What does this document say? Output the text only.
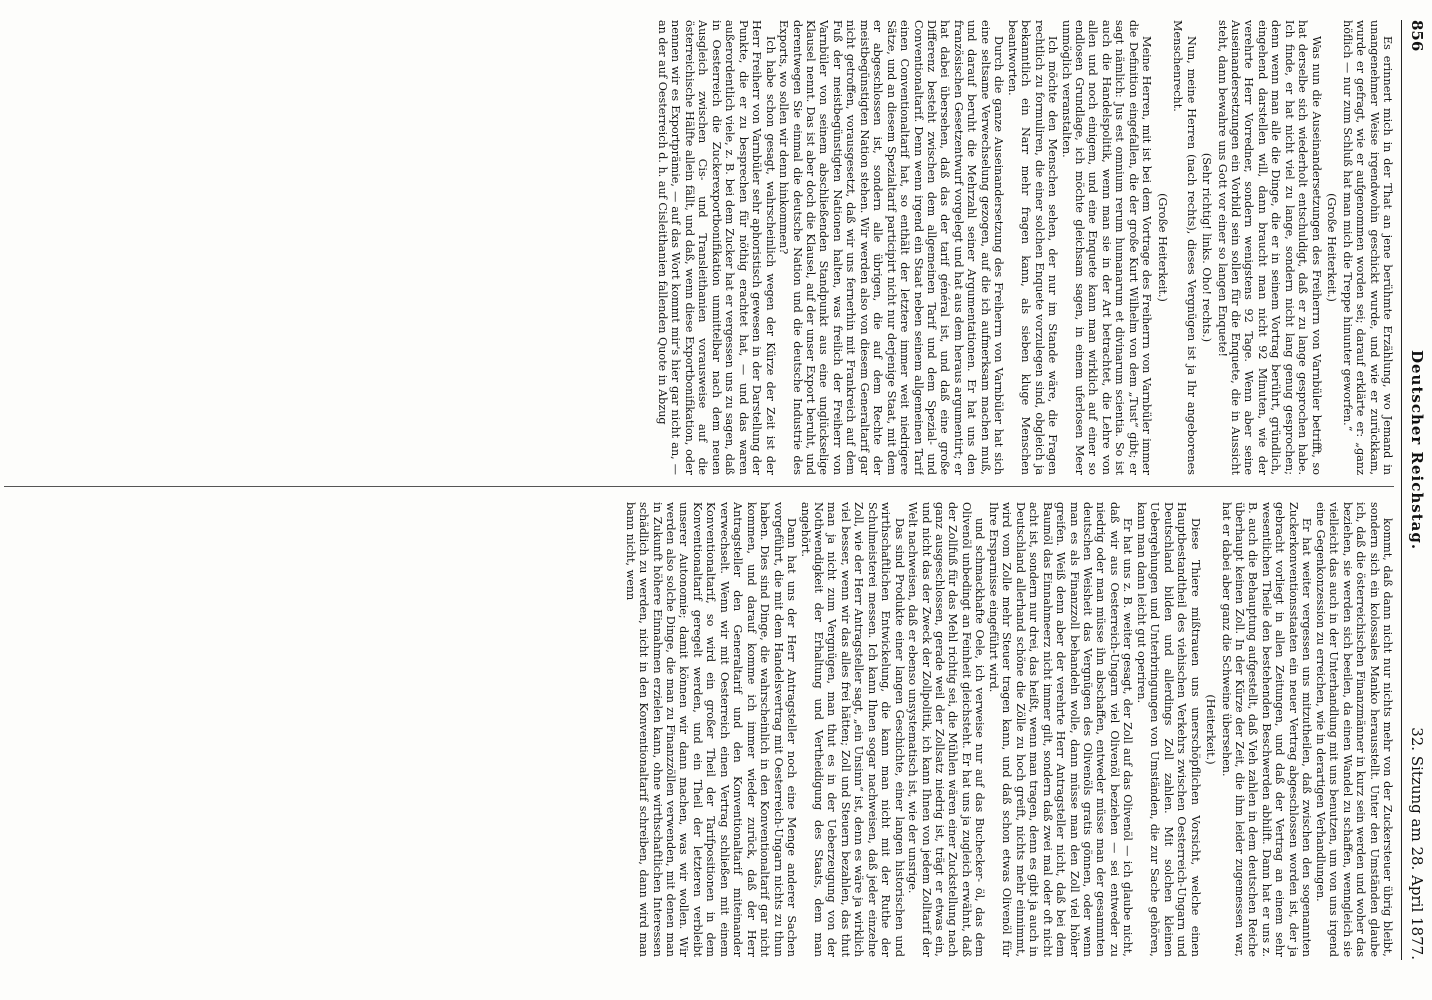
856
Deutscher Reichstag.
32. Sitzung am 28. April 1877.

Es erinnert mich in der That an jene berühmte Erzählung, wo Jemand in unangenehmer Weise irgendwohin geschickt wurde, und wie er zurückkam, wurde er gefragt, wie er aufgenommen worden sei; darauf erklärte er: „ganz höflich — nur zum Schluß hat man mich die Treppe hinunter geworfen.“

(Große Heiterkeit.)

Was nun die Auseinandersetzungen des Freiherrn von Varnbüler betrifft, so hat derselbe sich wiederholt entschuldigt, daß er zu lange gesprochen habe. Ich finde, er hat nicht viel zu lange, sondern nicht lang genug gesprochen; denn wenn man alle die Dinge, die er in seinem Vortrag berührt, gründlich, eingehend darstellen will, dann braucht man nicht 92 Minuten, wie der verehrte Herr Vorredner, sondern wenigstens 92 Tage. Wenn aber seine Auseinandersetzungen ein Vorbild sein sollen für die Enquete, die in Aussicht steht, dann bewahre uns Gott vor einer so langen Enquete!

(Sehr richtig! links. Oho! rechts.)

Nun, meine Herren (nach rechts), dieses Vergnügen ist ja Ihr angeborenes Menschenrecht.

(Große Heiterkeit.)

Meine Herren, mit ist bei dem Vortrage des Freiherrn von Varnbüler immer die Definition eingefallen, die der große Kurt Wilhelm von dem „Tust“ gibt; er sagt nämlich: Jus est omnium rerum humanarum et divinarum scientia. So ist auch die Handelspolitik, wenn man sie in der Art betrachtet, die Lehre von allen und noch einigem, und eine Enquete kann man wirklich auf einer so endlosen Grundlage, ich möchte gleichsam sagen, in einem uferlosen Meer unmöglich veranstalten.

Ich möchte den Menschen sehen, der nur im Stande wäre, die Fragen rechtlich zu formuliren, die einer solchen Enquete vorzulegen sind, obgleich ja bekanntlich ein Narr mehr fragen kann, als sieben kluge Menschen beantworten.

Durch die ganze Auseinandersetzung des Freiherrn von Varnbüler hat sich eine seltsame Verwechselung gezogen, auf die ich aufmerksam machen muß, und darauf beruht die Mehrzahl seiner Argumentationen. Er hat uns den französischen Gesetzentwurf vorgelegt und hat aus dem heraus argumentirt; er hat dabei übersehen, daß das der tarif général ist, und daß eine große Differenz besteht zwischen dem allgemeinen Tarif und dem Spezial- und Conventionaltarif. Denn wenn irgend ein Staat neben seinem allgemeinen Tarif einen Conventionaltarif hat, so enthält der letztere immer weit niedrigere Sätze, und an diesem Spezialtarif participirt nicht nur derjenige Staat, mit dem er abgeschlossen ist, sondern alle übrigen, die auf dem Rechte der meistbegünstigten Nation stehen. Wir werden also von diesem Generaltarif gar nicht getroffen, vorausgesetzt, daß wir uns fernerhin mit Frankreich auf dem Fuß der meistbegünstigten Nationen halten, was freilich der Freiherr von Varnbüler von seinem abschließenden Standpunkt aus eine unglückselige Klausel nennt. Das ist aber doch die Klausel, auf der unser Export beruht, und derentwegen Sie einmal die deutsche Nation und die deutsche Industrie des Exports, wo sollen wir denn hinkommen?

Ich habe schon gesagt, wahrscheinlich wegen der Kürze der Zeit ist der Herr Freiherr von Varnbüler sehr aphoristisch gewesen in der Darstellung der Punkte, die er zu besprechen für nöthig erachtet hat, — und das waren außerordentlich viele, z. B. bei dem Zucker hat er vergessen uns zu sagen, daß in Oesterreich die Zuckerexportbonifikation unmittelbar nach dem neuen Ausgleich zwischen Cis- und Transleithanien vorausweise auf die österreichische Hälfte allein fällt, und daß, wenn diese Exportbonifikation, oder nennen wir es Exportprämie, — auf das Wort kommt mir's hier gar nicht an, — an der auf Oesterreich d. h. auf Cisleithanien fallenden Quote in Abzug

kommt, daß dann nicht nur nichts mehr von der Zuckersteuer übrig bleibt, sondern sich ein kolossales Manko herausstellt. Unter den Umständen glaube ich, daß die österreichischen Finanzmänner in kurz sein werden und woher das beziehen, sie werden sich beeilen, da einen Wandel zu schaffen, wenngleich sie vielleicht das auch in der Unterhandlung mit uns benutzen, um von uns irgend eine Gegenkonzession zu erreichen, wie in derartigen Verhandlungen.

Er hat weiter vergessen uns mitzutheilen, daß zwischen den sogenannten Zuckerkonventionsstaaten ein neuer Vertrag abgeschlossen worden ist, der ja gebracht vorliegt in allen Zeitungen, und daß der Vertrag an einem sehr wesentlichen Theile den bestehenden Beschwerden abhilft. Dann hat er uns z. B. auch die Behauptung aufgestellt, daß Vieh zahlen in dem deutschen Reiche überhaupt keinen Zoll. In der Kürze der Zeit, die ihm leider zugemessen war, hat er dabei aber ganz die Schweine übersehen.

(Heiterkeit.)

Diese Thiere mißtrauen uns unerschöpflichen Vorsicht, welche einen Hauptbestandtheil des viehischen Verkehrs zwischen Oesterreich-Ungarn und Deutschland bilden und allerdings Zoll zahlen. Mit solchen kleinen Uebergehungen und Unterbringungen von Umständen, die zur Sache gehören, kann man dann leicht gut operiren.

Er hat uns z. B. weiter gesagt, der Zoll auf das Olivenöl — ich glaube nicht, daß wir aus Oesterreich-Ungarn viel Olivenöl beziehen — sei entweder zu niedrig oder man müsse ihn abschaffen, entweder müsse man der gesammten deutschen Weisheit das Vergnügen des Olivenöls gratis gönnen, oder wenn man es als Finanzzoll behandeln wolle, dann müsse man den Zoll viel höher greifen. Weiß denn aber der verehrte Herr Antragsteller nicht, daß bei dem Baumöl das Einnahmeerz nicht immer gilt, sondern daß zwei mal oder oft nicht acht ist, sondern nur drei, das heißt, wenn man tragen, denn es gibt ja auch in Deutschland allerhand schöne die Zölle zu hoch greift, nichts mehr einnimmt, wird vom Zolle mehr Steuer tragen kann, und daß schon etwas Olivenöl für Ihre Ersparnisse eingeführt wird.

und schmackhafte Oele, ich verweise nur auf das Buchecker- öl, das dem Olivenöl unbedingt an Feinheit gleichsteht. Er hat uns ja zugleich erwähnt, daß der Zollfuß für das Mehl richtig sei, die Mühlen wären einer Zuckstellung nach ganz ausgeschlossen, gerade weil der Zollsatz niedrig ist, trägt er etwas ein, und nicht das der Zweck der Zollpolitik, ich kann Ihnen von jedem Zolltarif der Welt nachweisen, daß er ebenso unsystematisch ist, wie der unsrige.

Das sind Produkte einer langen Geschichte, einer langen historischen und wirthschaftlichen Entwickelung, die kann man nicht mit der Ruthe der Schulmeisterei messen. Ich kann Ihnen sogar nachweisen, daß jeder einzelne Zoll, wie der Herr Antragsteller sagt, „ein Unsinn“ ist, denn es wäre ja wirklich viel besser, wenn wir das alles frei hätten; Zoll und Steuern bezahlen, das thut man ja nicht zum Vergnügen, man thut es in der Ueberzeugung von der Nothwendigkeit der Erhaltung und Vertheidigung des Staats, dem man angehört.

Dann hat uns der Herr Antragsteller noch eine Menge anderer Sachen vorgeführt, die mit dem Handelsvertrag mit Oesterreich-Ungarn nichts zu thun haben. Dies sind Dinge, die wahrscheinlich in den Konventionaltarif gar nicht kommen, und darauf komme ich immer wieder zurück, daß der Herr Antragsteller den Generaltarif und den Konventionaltarif miteinander verwechselt. Wenn wir mit Oesterreich einen Vertrag schließen mit einem Konventionaltarif, so wird ein großer Theil der Tarifpositionen in dem Konventionaltarif geregelt werden, und ein Theil der letzteren verbleibt unserer Autonomie; damit können wir dann machen, was wir wollen. Wir werden also solche Dinge, die man zu Finanzzöllen verwenden, mit denen man in Zukunft höhere Einnahmen erzielen kann, ohne wirthschaftlichen Interessen schädlich zu werden, nicht in den Konventionaltarif schreiben, dann wird man bann nicht, wenn
